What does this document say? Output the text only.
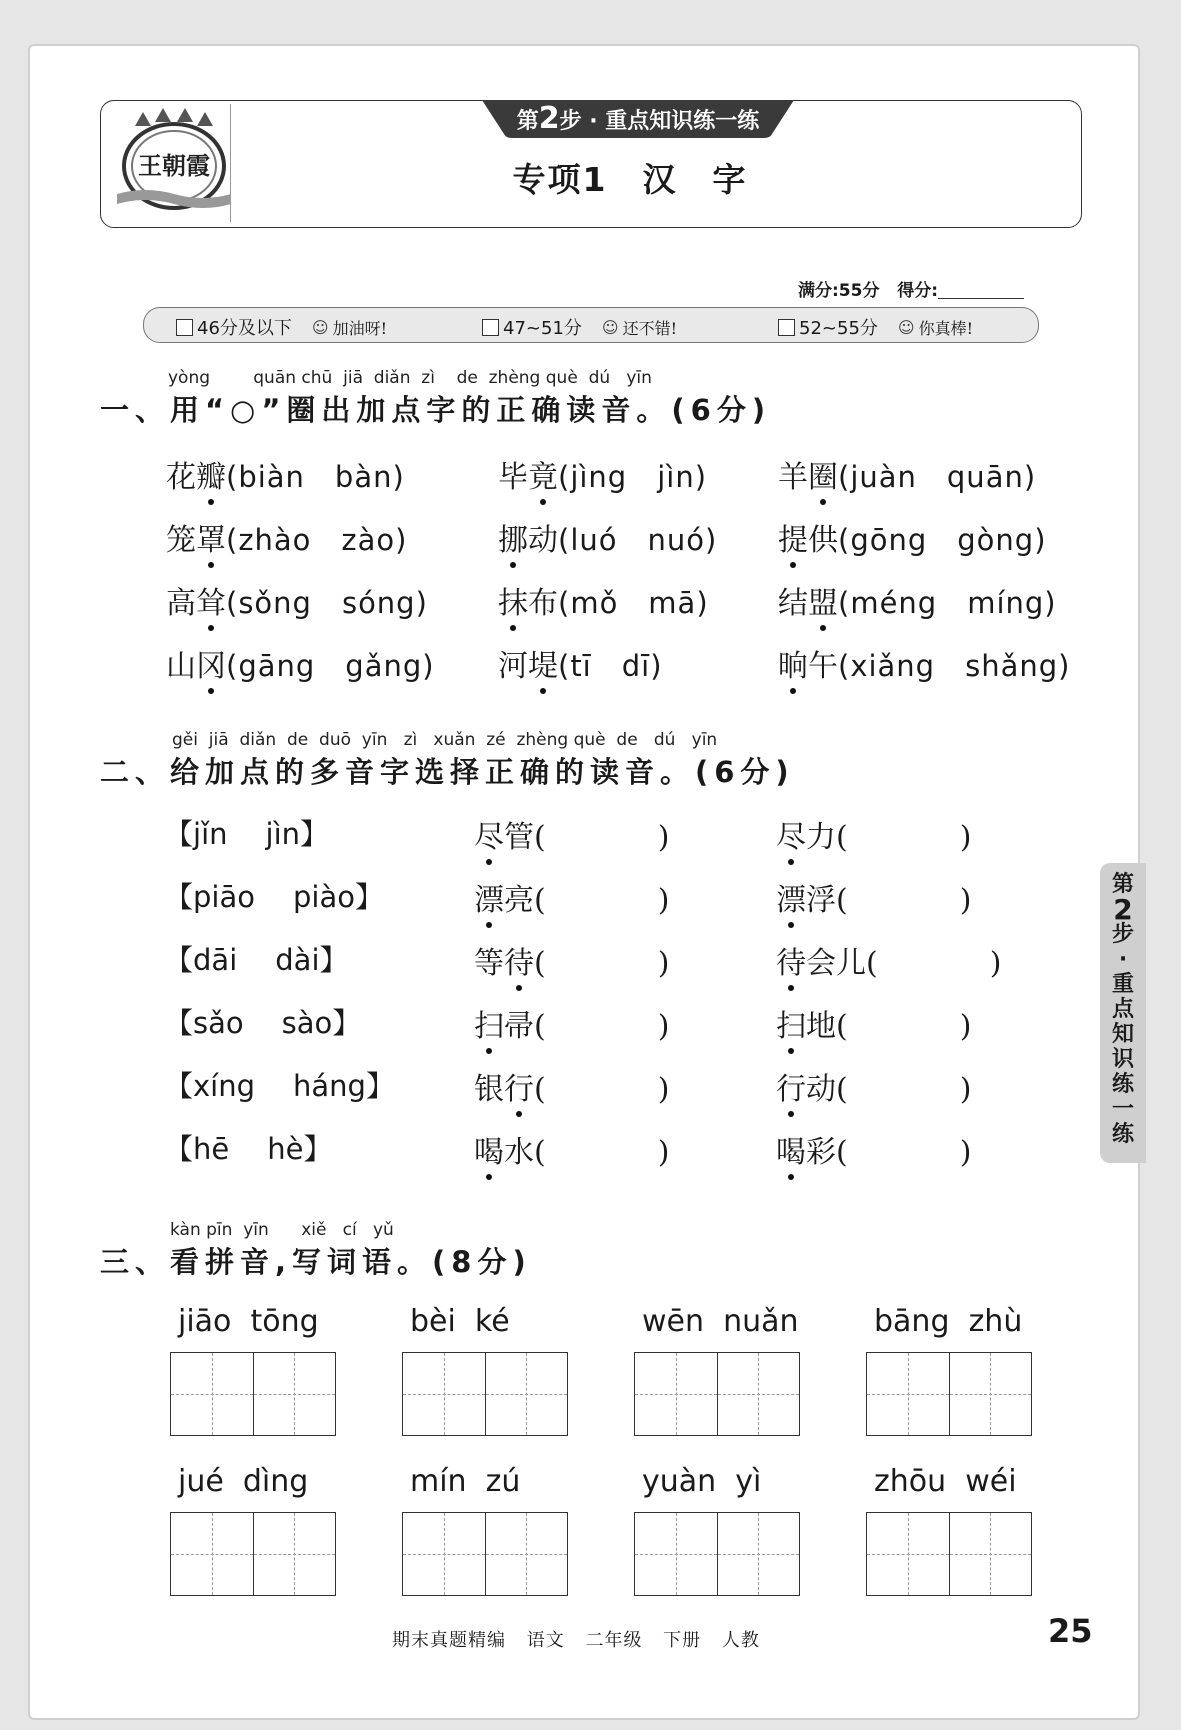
王朝霞
第2步 · 重点知识练一练
专项1　汉　字
满分:55分 得分:
46分及以下 ☺ 加油呀!	47~51分 ☺ 还不错!	52~55分 ☺ 你真棒!
yòng        quān chū  jiā  diǎn  zì    de  zhèng què  dú   yīn
一、用“○”圈出加点字的正确读音。(6分)
花瓣(biàn　bàn)	毕竟(jìng　jìn) 羊圈(juàn　quān)
笼罩(zhào　zào)	挪动(luó　nuó) 提供(gōng　gòng)
高耸(sǒng　sóng) 抹布(mǒ　mā) 结盟(méng　míng)
山冈(gāng　gǎng) 河堤(tī　dī)	晌午(xiǎng　shǎng)
gěi  jiā  diǎn  de  duō  yīn   zì   xuǎn  zé  zhèng què  de   dú   yīn
二、给加点的多音字选择正确的读音。(6分)
【jǐn jìn】	尽管(	)	尽力(	)
【piāo piào】	漂亮(	)	漂浮(	)
【dāi dài】	等待(	)	待会儿(	)
【sǎo sào】	扫帚(	)	扫地(	)
【xíng háng】	银行(	)	行动(	)
【hē hè】	喝水(	)	喝彩(	)
kàn pīn  yīn      xiě   cí   yǔ
三、看拼音,写词语。(8分)
jiāo tōng	bèi ké	wēn nuǎn	bāng zhù
jué dìng	mín zú	yuàn yì	zhōu wéi
第
2
步
·
重
点
知
识
练
一
练
期末真题精编 语文 二年级 下册 人教	25
